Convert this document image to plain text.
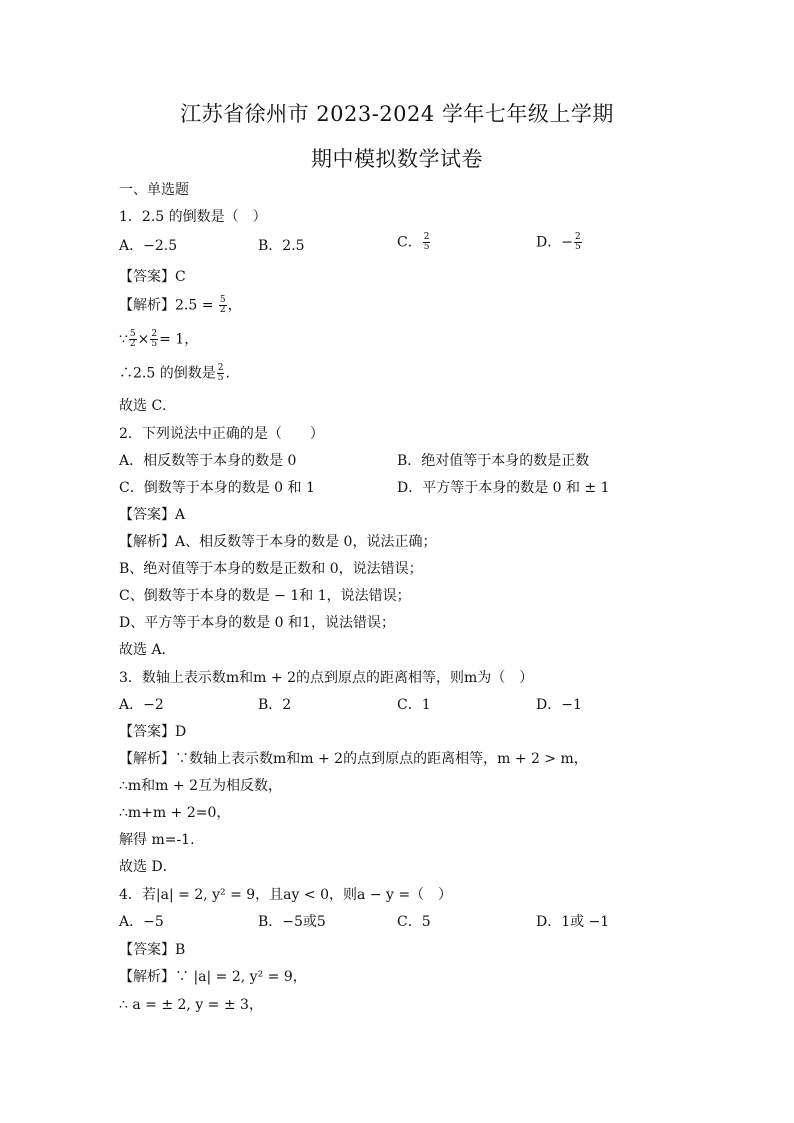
江苏省徐州市 2023-2024 学年七年级上学期
期中模拟数学试卷
一、单选题
1．2.5 的倒数是（　）
A．−2.5	B．2.5	C． $\frac{2}{5}$	D．− $\frac{2}{5}$
【答案】C
【解析】$2.5 = \frac{5}{2}$ ，
∵ $\frac{5}{2} \times \frac{2}{5} = 1$，
∴2.5 的倒数是 $\frac{2}{5}$ .
故选 C．
2．下列说法中正确的是（　　）
A．相反数等于本身的数是 0	B．绝对值等于本身的数是正数
C．倒数等于本身的数是 0 和 1	D．平方等于本身的数是 0 和 ± 1
【答案】A
【解析】A、相反数等于本身的数是 0，说法正确；
B、绝对值等于本身的数是正数和 0，说法错误；
C、倒数等于本身的数是 − 1和 1，说法错误；
D、平方等于本身的数是 0 和1，说法错误；
故选 A．
3．数轴上表示数m和m + 2的点到原点的距离相等，则m为（　）
A．−2	B．2	C．1	D．−1
【答案】D
【解析】∵数轴上表示数m和m + 2的点到原点的距离相等，m + 2 > m，
∴m和m + 2互为相反数，
∴m+m + 2=0，
解得 m=-1.
故选 D．
4．若|a| = 2, y² = 9，且ay < 0，则a − y =（　）
A．−5	B．−5或5	C．5	D．1或 −1
【答案】B
【解析】∵ |a| = 2, y² = 9，
∴ a = ± 2, y = ± 3，
